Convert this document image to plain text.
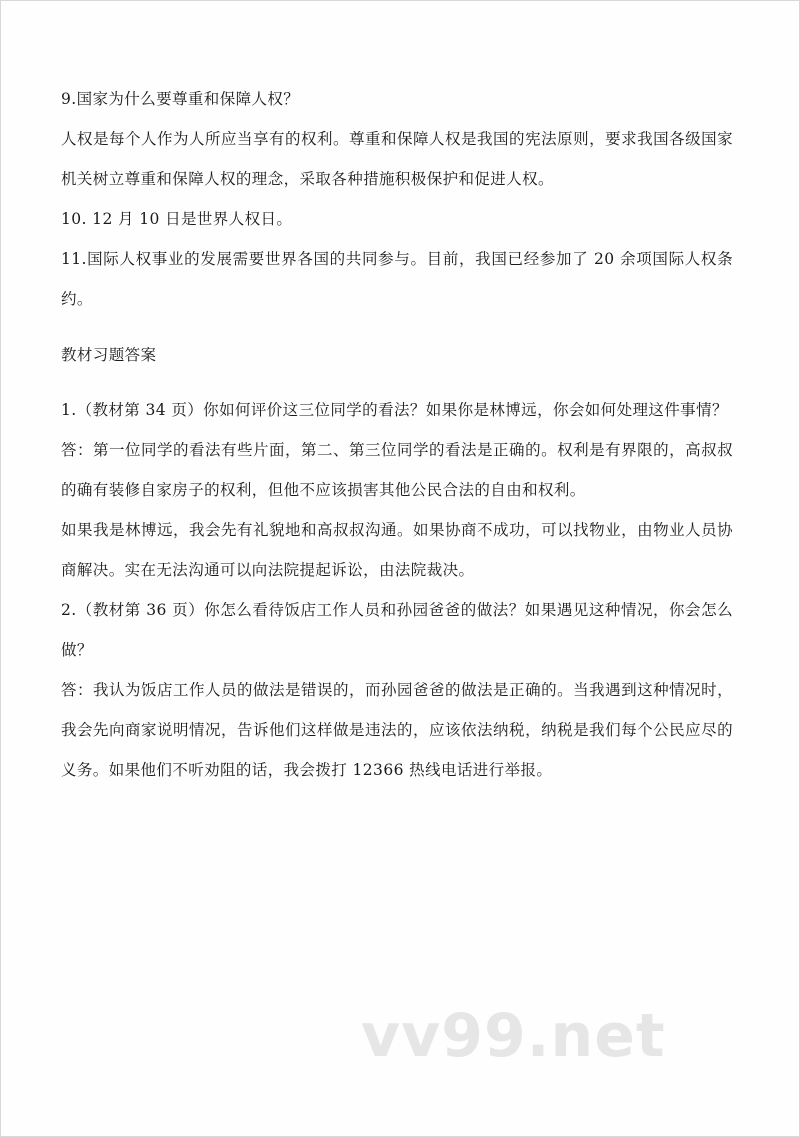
9.国家为什么要尊重和保障人权？

人权是每个人作为人所应当享有的权利。尊重和保障人权是我国的宪法原则，要求我国各级国家机关树立尊重和保障人权的理念，采取各种措施积极保护和促进人权。

10. 12 月 10 日是世界人权日。

11.国际人权事业的发展需要世界各国的共同参与。目前，我国已经参加了 20 余项国际人权条约。

教材习题答案

1.（教材第 34 页）你如何评价这三位同学的看法？如果你是林博远，你会如何处理这件事情？

答：第一位同学的看法有些片面，第二、第三位同学的看法是正确的。权利是有界限的，高叔叔的确有装修自家房子的权利，但他不应该损害其他公民合法的自由和权利。

如果我是林博远，我会先有礼貌地和高叔叔沟通。如果协商不成功，可以找物业，由物业人员协商解决。实在无法沟通可以向法院提起诉讼，由法院裁决。

2.（教材第 36 页）你怎么看待饭店工作人员和孙园爸爸的做法？如果遇见这种情况，你会怎么做？

答：我认为饭店工作人员的做法是错误的，而孙园爸爸的做法是正确的。当我遇到这种情况时，我会先向商家说明情况，告诉他们这样做是违法的，应该依法纳税，纳税是我们每个公民应尽的义务。如果他们不听劝阻的话，我会拨打 12366 热线电话进行举报。

vv99.net
